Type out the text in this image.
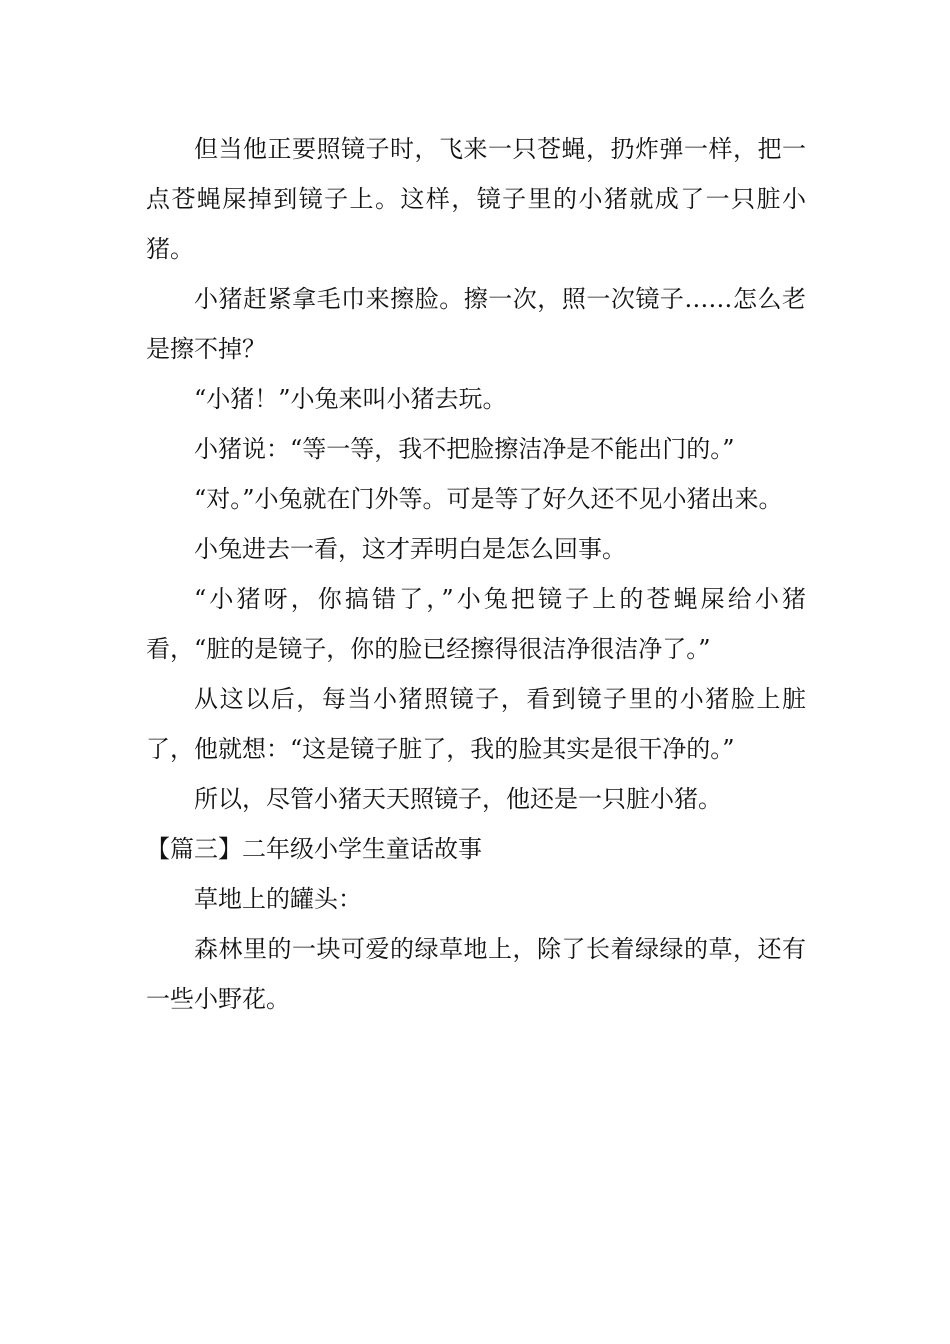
但当他正要照镜子时，飞来一只苍蝇，扔炸弹一样，把一点苍蝇屎掉到镜子上。这样，镜子里的小猪就成了一只脏小猪。

小猪赶紧拿毛巾来擦脸。擦一次，照一次镜子……怎么老是擦不掉？

“小猪！”小兔来叫小猪去玩。

小猪说：“等一等，我不把脸擦洁净是不能出门的。”

“对。”小兔就在门外等。可是等了好久还不见小猪出来。

小兔进去一看，这才弄明白是怎么回事。

“小猪呀，你搞错了，”小兔把镜子上的苍蝇屎给小猪看，“脏的是镜子，你的脸已经擦得很洁净很洁净了。”

从这以后，每当小猪照镜子，看到镜子里的小猪脸上脏了，他就想：“这是镜子脏了，我的脸其实是很干净的。”

所以，尽管小猪天天照镜子，他还是一只脏小猪。

【篇三】二年级小学生童话故事

草地上的罐头：

森林里的一块可爱的绿草地上，除了长着绿绿的草，还有一些小野花。
